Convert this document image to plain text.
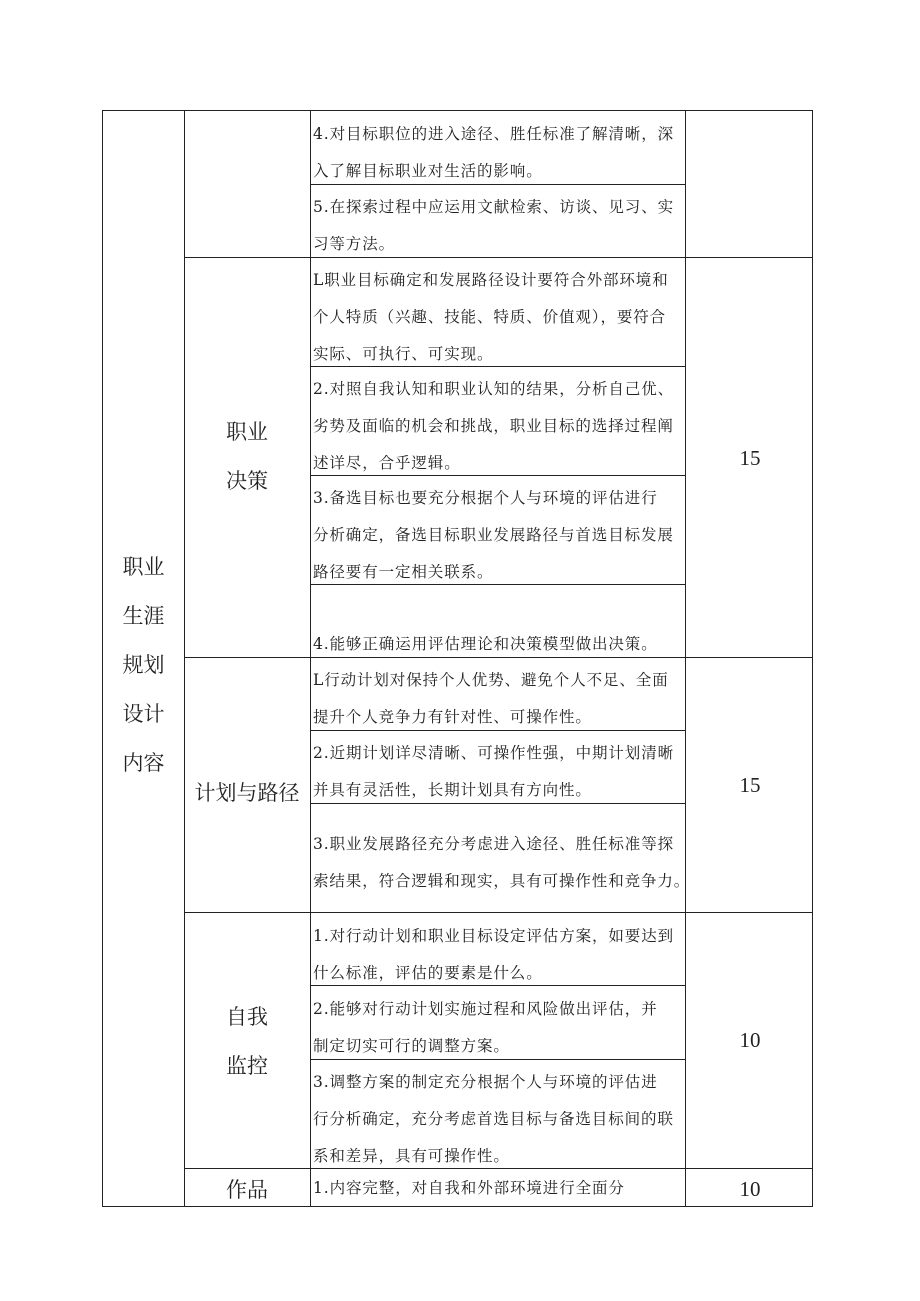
职业
生涯
规划
设计
内容
4.对目标职位的进入途径、胜任标准了解清晰，深
入了解目标职业对生活的影响。
5.在探索过程中应运用文献检索、访谈、见习、实
习等方法。
职业
决策
15
L职业目标确定和发展路径设计要符合外部环境和
个人特质（兴趣、技能、特质、价值观），要符合
实际、可执行、可实现。
2.对照自我认知和职业认知的结果，分析自己优、
劣势及面临的机会和挑战，职业目标的选择过程阐
述详尽，合乎逻辑。
3.备选目标也要充分根据个人与环境的评估进行
分析确定，备选目标职业发展路径与首选目标发展
路径要有一定相关联系。
4.能够正确运用评估理论和决策模型做出决策。
计划与路径	15
L行动计划对保持个人优势、避免个人不足、全面
提升个人竞争力有针对性、可操作性。
2.近期计划详尽清晰、可操作性强，中期计划清晰
并具有灵活性，长期计划具有方向性。
3.职业发展路径充分考虑进入途径、胜任标准等探
索结果，符合逻辑和现实，具有可操作性和竞争力。
自我
监控
10
1.对行动计划和职业目标设定评估方案，如要达到
什么标准，评估的要素是什么。
2.能够对行动计划实施过程和风险做出评估，并
制定切实可行的调整方案。
3.调整方案的制定充分根据个人与环境的评估进
行分析确定，充分考虑首选目标与备选目标间的联
系和差异，具有可操作性。
作品	10
1.内容完整，对自我和外部环境进行全面分
